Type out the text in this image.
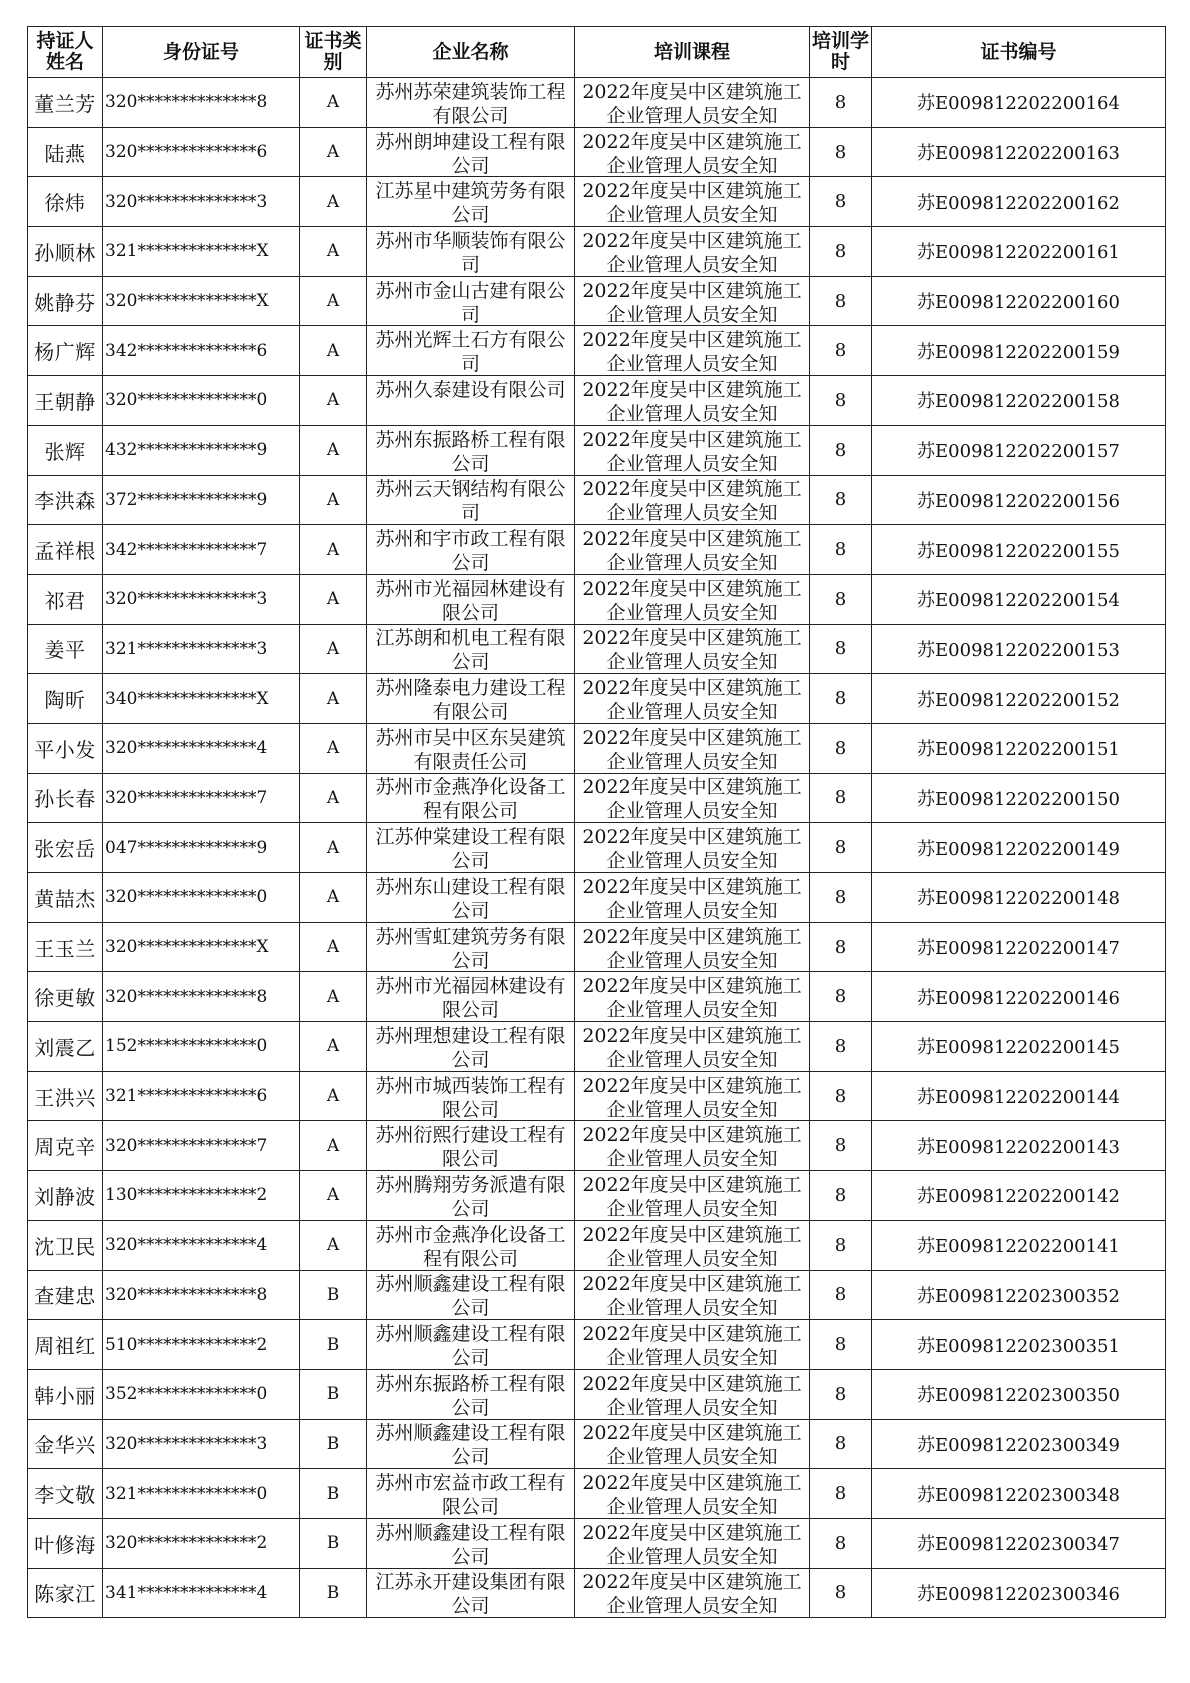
持证人姓名	身份证号	证书类别	企业名称	培训课程	培训学时	证书编号
董兰芳	320**************8	A	苏州苏荣建筑装饰工程有限公司	2022年度吴中区建筑施工企业管理人员安全知	8	苏E009812202200164
陆燕	320**************6	A	苏州朗坤建设工程有限公司	2022年度吴中区建筑施工企业管理人员安全知	8	苏E009812202200163
徐炜	320**************3	A	江苏星中建筑劳务有限公司	2022年度吴中区建筑施工企业管理人员安全知	8	苏E009812202200162
孙顺林	321**************X	A	苏州市华顺装饰有限公司	2022年度吴中区建筑施工企业管理人员安全知	8	苏E009812202200161
姚静芬	320**************X	A	苏州市金山古建有限公司	2022年度吴中区建筑施工企业管理人员安全知	8	苏E009812202200160
杨广辉	342**************6	A	苏州光辉土石方有限公司	2022年度吴中区建筑施工企业管理人员安全知	8	苏E009812202200159
王朝静	320**************0	A	苏州久泰建设有限公司	2022年度吴中区建筑施工企业管理人员安全知	8	苏E009812202200158
张辉	432**************9	A	苏州东振路桥工程有限公司	2022年度吴中区建筑施工企业管理人员安全知	8	苏E009812202200157
李洪森	372**************9	A	苏州云天钢结构有限公司	2022年度吴中区建筑施工企业管理人员安全知	8	苏E009812202200156
孟祥根	342**************7	A	苏州和宇市政工程有限公司	2022年度吴中区建筑施工企业管理人员安全知	8	苏E009812202200155
祁君	320**************3	A	苏州市光福园林建设有限公司	2022年度吴中区建筑施工企业管理人员安全知	8	苏E009812202200154
姜平	321**************3	A	江苏朗和机电工程有限公司	2022年度吴中区建筑施工企业管理人员安全知	8	苏E009812202200153
陶昕	340**************X	A	苏州隆泰电力建设工程有限公司	2022年度吴中区建筑施工企业管理人员安全知	8	苏E009812202200152
平小发	320**************4	A	苏州市吴中区东吴建筑有限责任公司	2022年度吴中区建筑施工企业管理人员安全知	8	苏E009812202200151
孙长春	320**************7	A	苏州市金燕净化设备工程有限公司	2022年度吴中区建筑施工企业管理人员安全知	8	苏E009812202200150
张宏岳	047**************9	A	江苏仲棠建设工程有限公司	2022年度吴中区建筑施工企业管理人员安全知	8	苏E009812202200149
黄喆杰	320**************0	A	苏州东山建设工程有限公司	2022年度吴中区建筑施工企业管理人员安全知	8	苏E009812202200148
王玉兰	320**************X	A	苏州雪虹建筑劳务有限公司	2022年度吴中区建筑施工企业管理人员安全知	8	苏E009812202200147
徐更敏	320**************8	A	苏州市光福园林建设有限公司	2022年度吴中区建筑施工企业管理人员安全知	8	苏E009812202200146
刘震乙	152**************0	A	苏州理想建设工程有限公司	2022年度吴中区建筑施工企业管理人员安全知	8	苏E009812202200145
王洪兴	321**************6	A	苏州市城西装饰工程有限公司	2022年度吴中区建筑施工企业管理人员安全知	8	苏E009812202200144
周克辛	320**************7	A	苏州衍熙行建设工程有限公司	2022年度吴中区建筑施工企业管理人员安全知	8	苏E009812202200143
刘静波	130**************2	A	苏州腾翔劳务派遣有限公司	2022年度吴中区建筑施工企业管理人员安全知	8	苏E009812202200142
沈卫民	320**************4	A	苏州市金燕净化设备工程有限公司	2022年度吴中区建筑施工企业管理人员安全知	8	苏E009812202200141
查建忠	320**************8	B	苏州顺鑫建设工程有限公司	2022年度吴中区建筑施工企业管理人员安全知	8	苏E009812202300352
周祖红	510**************2	B	苏州顺鑫建设工程有限公司	2022年度吴中区建筑施工企业管理人员安全知	8	苏E009812202300351
韩小丽	352**************0	B	苏州东振路桥工程有限公司	2022年度吴中区建筑施工企业管理人员安全知	8	苏E009812202300350
金华兴	320**************3	B	苏州顺鑫建设工程有限公司	2022年度吴中区建筑施工企业管理人员安全知	8	苏E009812202300349
李文敬	321**************0	B	苏州市宏益市政工程有限公司	2022年度吴中区建筑施工企业管理人员安全知	8	苏E009812202300348
叶修海	320**************2	B	苏州顺鑫建设工程有限公司	2022年度吴中区建筑施工企业管理人员安全知	8	苏E009812202300347
陈家江	341**************4	B	江苏永开建设集团有限公司	2022年度吴中区建筑施工企业管理人员安全知	8	苏E009812202300346
